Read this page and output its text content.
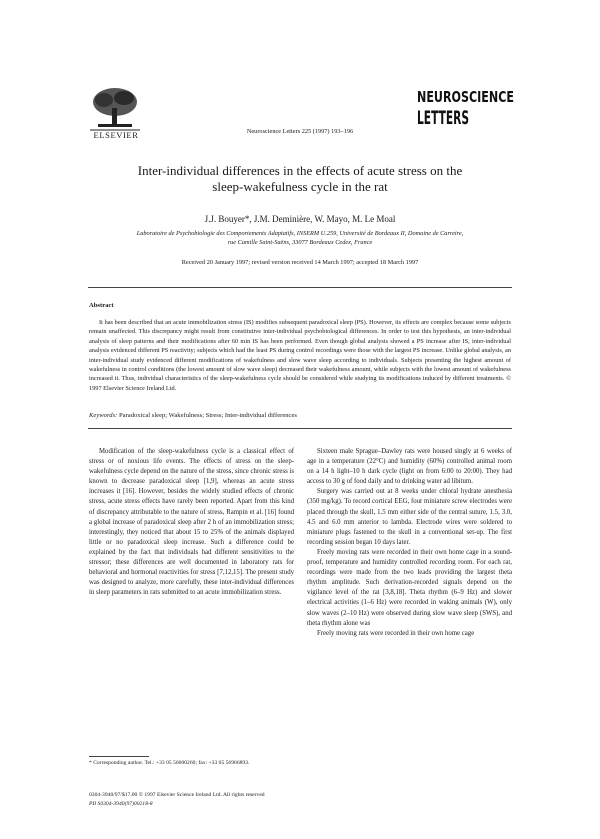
ELSEVIER	Neuroscience Letters 225 (1997) 193–196
NEUROSCIENCE
LETTERS
Inter-individual differences in the effects of acute stress on the
sleep-wakefulness cycle in the rat
J.J. Bouyer*, J.M. Deminière, W. Mayo, M. Le Moal
Laboratoire de Psychobiologie des Comportements Adaptatifs, INSERM U.259, Université de Bordeaux II, Domaine de Carreire,
rue Camille Saint-Saëns, 33077 Bordeaux Cedex, France
Received 20 January 1997; revised version received 14 March 1997; accepted 18 March 1997
Abstract
It has been described that an acute immobilization stress (IS) modifies subsequent paradoxical sleep (PS). However, its effects are complex because some subjects remain unaffected. This discrepancy might result from constitutive inter-individual psychobiological differences. In order to test this hypothesis, an inter-individual analysis of sleep patterns and their modifications after 60 min IS has been performed. Even though global analysis showed a PS increase after IS, inter-individual analysis evidenced different PS reactivity; subjects which had the least PS during control recordings were those with the largest PS increase. Unlike global analysis, an inter-individual study evidenced different modifications of wakefulness and slow wave sleep according to individuals. Subjects presenting the highest amount of wakefulness in control conditions (the lowest amount of slow wave sleep) decreased their wakefulness amount, while subjects with the lowest amount of wakefulness increased it. Thus, individual characteristics of the sleep-wakefulness cycle should be considered while studying its modifications induced by different treatments. © 1997 Elsevier Science Ireland Ltd.
Keywords: Paradoxical sleep; Wakefulness; Stress; Inter-individual differences

Modification of the sleep-wakefulness cycle is a classical effect of stress or of noxious life events. The effects of stress on the sleep-wakefulness cycle depend on the nature of the stress, since chronic stress is known to decrease paradoxical sleep [1,9], whereas an acute stress increases it [16]. However, besides the widely studied effects of chronic stress, acute stress effects have rarely been reported. Apart from this kind of discrepancy attributable to the nature of stress, Rampin et al. [16] found a global increase of paradoxical sleep after 2 h of an immobilization stress; interestingly, they noticed that about 15 to 25% of the animals displayed little or no paradoxical sleep increase. Such a difference could be explained by the fact that individuals had different sensitivities to the stressor; these differences are well documented in laboratory rats for behavioral and hormonal reactivities for stress [7,12,15]. The present study was designed to analyze, more carefully, these inter-individual differences in sleep parameters in rats submitted to an acute immobilization stress.

Sixteen male Sprague–Dawley rats were housed singly at 6 weeks of age in a temperature (22°C) and humidity (60%) controlled animal room on a 14 h light–10 h dark cycle (light on from 6:00 to 20:00). They had access to 30 g of food daily and to drinking water ad libitum.

Surgery was carried out at 8 weeks under chloral hydrate anesthesia (350 mg/kg). To record cortical EEG, four miniature screw electrodes were placed through the skull, 1.5 mm either side of the central suture, 1.5, 3.0, 4.5 and 6.0 mm anterior to lambda. Electrode wires were soldered to miniature plugs fastened to the skull in a conventional set-up. The first recording session began 10 days later.

Freely moving rats were recorded in their own home cage in a sound-proof, temperature and humidity controlled recording room. For each rat, recordings were made from the two leads providing the largest theta rhythm amplitude. Such derivation-recorded signals depend on the vigilance level of the rat [3,8,18]. Theta rhythm (6–9 Hz) and slower electrical activities (1–6 Hz) were recorded in waking animals (W), only slow waves (2–10 Hz) were observed during slow wave sleep (SWS), and theta rhythm alone was

Freely moving rats were recorded in their own home cage

* Corresponding author. Tel.: +33 05 56000260; fax: +33 05 56966893.
0304-3940/97/$17.00 © 1997 Elsevier Science Ireland Ltd. All rights reserved
PII S0304-3940(97)00218-8
